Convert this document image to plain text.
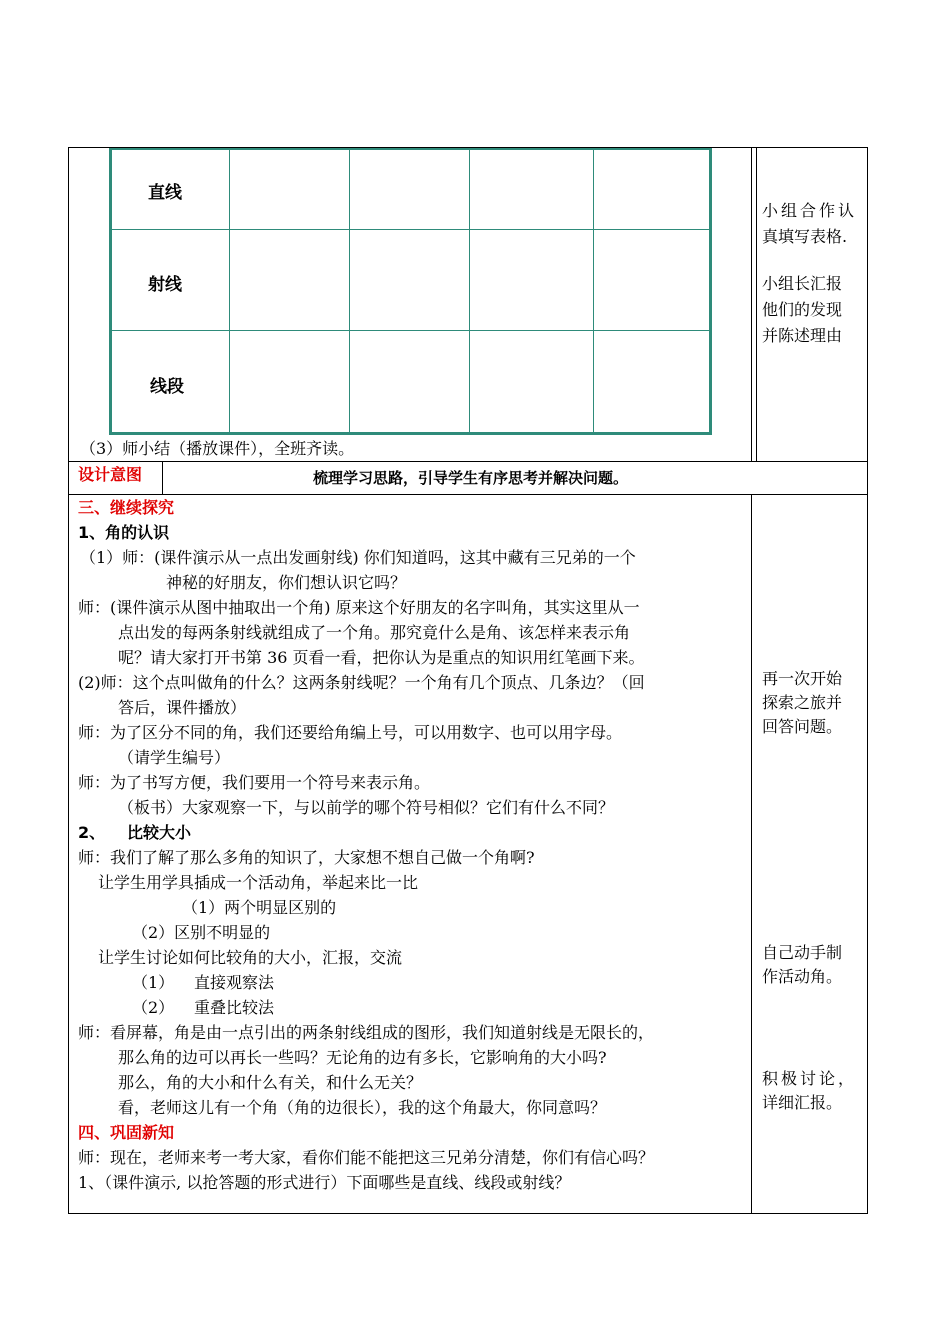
直线
射线
线段
（3）师小结（播放课件），全班齐读。
小组合作认
真填写表格.
小组长汇报
他们的发现
并陈述理由
设计意图	梳理学习思路，引导学生有序思考并解决问题。
三、继续探究
1、角的认识
（1）师：(课件演示从一点出发画射线) 你们知道吗，这其中藏有三兄弟的一个
神秘的好朋友，你们想认识它吗？
师：(课件演示从图中抽取出一个角) 原来这个好朋友的名字叫角，其实这里从一
点出发的每两条射线就组成了一个角。那究竟什么是角、该怎样来表示角
呢？请大家打开书第 36 页看一看，把你认为是重点的知识用红笔画下来。
(2)师：这个点叫做角的什么？这两条射线呢？一个角有几个顶点、几条边？（回
答后，课件播放）
师：为了区分不同的角，我们还要给角编上号，可以用数字、也可以用字母。
（请学生编号）
师：为了书写方便，我们要用一个符号来表示角。
（板书）大家观察一下，与以前学的哪个符号相似？它们有什么不同？
2、 比较大小
师：我们了解了那么多角的知识了，大家想不想自己做一个角啊?
让学生用学具插成一个活动角，举起来比一比
（1）两个明显区别的
（2）区别不明显的
让学生讨论如何比较角的大小，汇报，交流
（1） 直接观察法
（2） 重叠比较法
师：看屏幕，角是由一点引出的两条射线组成的图形，我们知道射线是无限长的，
那么角的边可以再长一些吗？无论角的边有多长，它影响角的大小吗?
那么，角的大小和什么有关，和什么无关？
看，老师这儿有一个角（角的边很长），我的这个角最大，你同意吗？
四、巩固新知
师：现在，老师来考一考大家，看你们能不能把这三兄弟分清楚，你们有信心吗？
1、（课件演示, 以抢答题的形式进行）下面哪些是直线、线段或射线？
再一次开始
探索之旅并
回答问题。
自己动手制
作活动角。
积极讨论，
详细汇报。
